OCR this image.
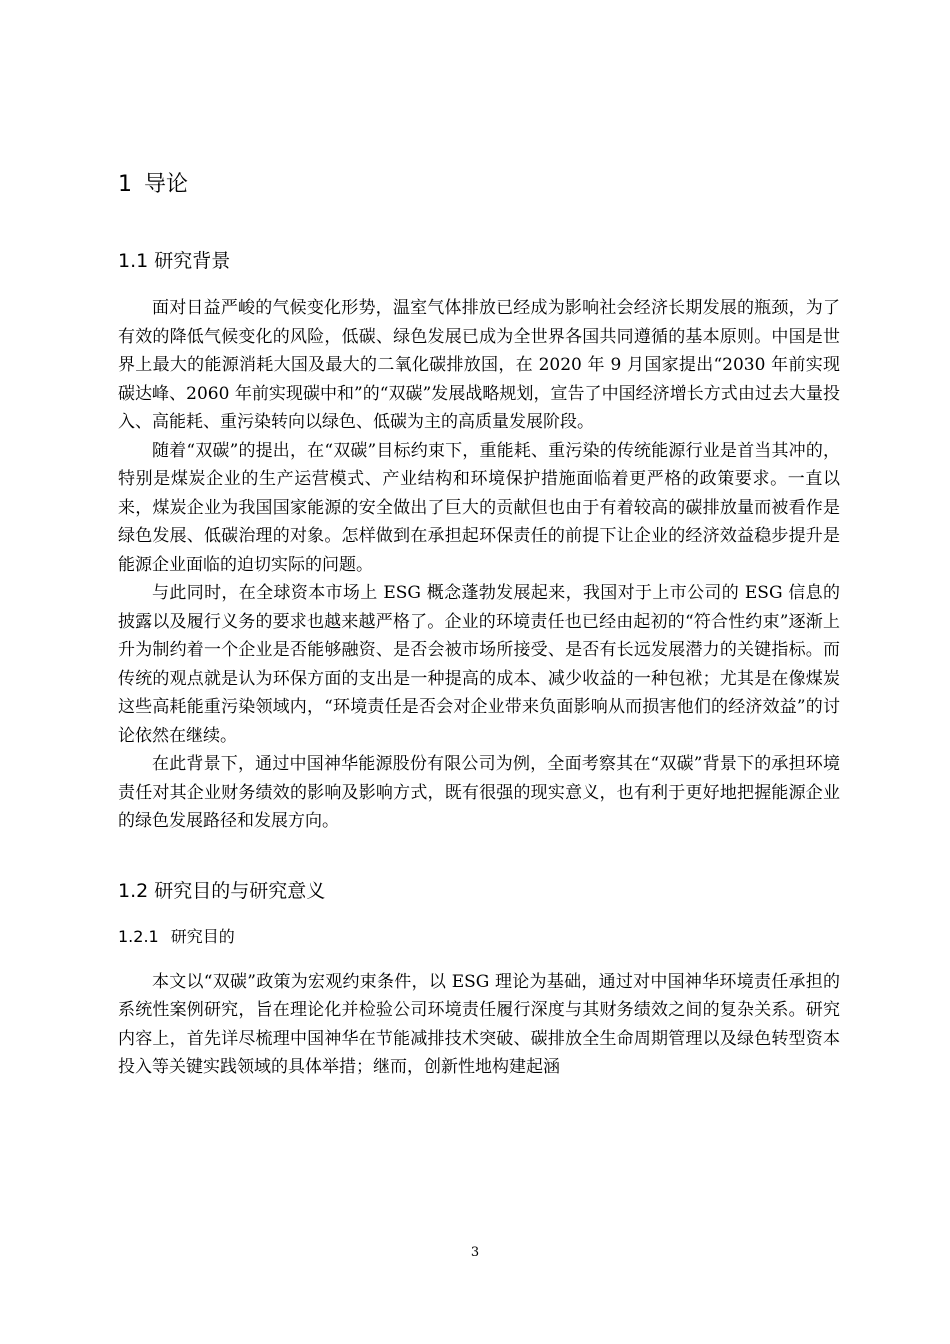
1 导论
1.1 研究背景

面对日益严峻的气候变化形势，温室气体排放已经成为影响社会经济长期发展的瓶颈，为了有效的降低气候变化的风险，低碳、绿色发展已成为全世界各国共同遵循的基本原则。中国是世界上最大的能源消耗大国及最大的二氧化碳排放国，在 2020 年 9 月国家提出“2030 年前实现碳达峰、2060 年前实现碳中和”的“双碳”发展战略规划，宣告了中国经济增长方式由过去大量投入、高能耗、重污染转向以绿色、低碳为主的高质量发展阶段。

随着“双碳”的提出，在“双碳”目标约束下，重能耗、重污染的传统能源行业是首当其冲的，特别是煤炭企业的生产运营模式、产业结构和环境保护措施面临着更严格的政策要求。一直以来，煤炭企业为我国国家能源的安全做出了巨大的贡献但也由于有着较高的碳排放量而被看作是绿色发展、低碳治理的对象。怎样做到在承担起环保责任的前提下让企业的经济效益稳步提升是能源企业面临的迫切实际的问题。

与此同时，在全球资本市场上 ESG 概念蓬勃发展起来，我国对于上市公司的 ESG 信息的披露以及履行义务的要求也越来越严格了。企业的环境责任也已经由起初的“符合性约束”逐渐上升为制约着一个企业是否能够融资、是否会被市场所接受、是否有长远发展潜力的关键指标。而传统的观点就是认为环保方面的支出是一种提高的成本、减少收益的一种包袱；尤其是在像煤炭这些高耗能重污染领域内，“环境责任是否会对企业带来负面影响从而损害他们的经济效益”的讨论依然在继续。

在此背景下，通过中国神华能源股份有限公司为例，全面考察其在“双碳”背景下的承担环境责任对其企业财务绩效的影响及影响方式，既有很强的现实意义，也有利于更好地把握能源企业的绿色发展路径和发展方向。

1.2 研究目的与研究意义
1.2.1 研究目的

本文以“双碳”政策为宏观约束条件，以 ESG 理论为基础，通过对中国神华环境责任承担的系统性案例研究，旨在理论化并检验公司环境责任履行深度与其财务绩效之间的复杂关系。研究内容上，首先详尽梳理中国神华在节能减排技术突破、碳排放全生命周期管理以及绿色转型资本投入等关键实践领域的具体举措；继而，创新性地构建起涵

3
